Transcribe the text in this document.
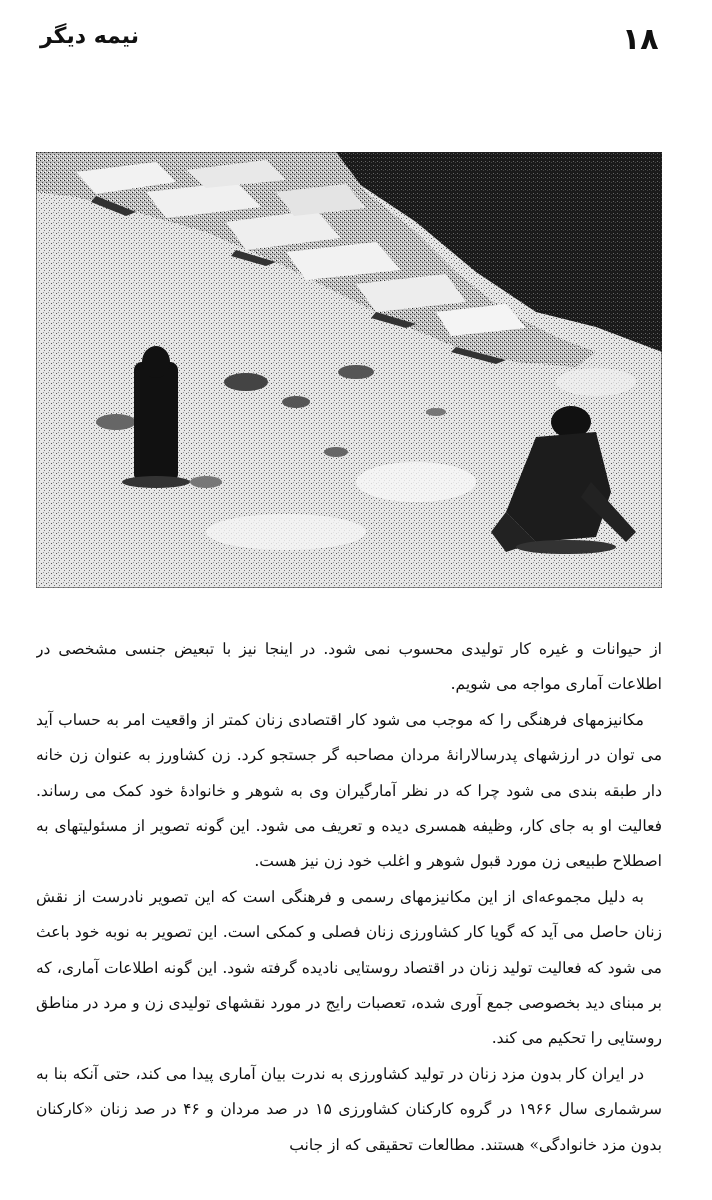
۱۸
نیمه دیگر

از حیوانات و غیره کار تولیدی محسوب نمی شود. در اینجا نیز با تبعیض جنسی مشخصی در اطلاعات آماری مواجه می شویم.

مکانیزمهای فرهنگی را که موجب می شود کار اقتصادی زنان کمتر از واقعیت امر به حساب آید می توان در ارزشهای پدرسالارانهٔ مردان مصاحبه گر جستجو کرد. زن کشاورز به عنوان زن خانه دار طبقه بندی می شود چرا که در نظر آمارگیران وی به شوهر و خانوادهٔ خود کمک می رساند. فعالیت او به جای کار، وظیفه همسری دیده و تعریف می شود. این گونه تصویر از مسئولیتهای به اصطلاح طبیعی زن مورد قبول شوهر و اغلب خود زن نیز هست.

به دلیل مجموعه‌ای از این مکانیزمهای رسمی و فرهنگی است که این تصویر نادرست از نقش زنان حاصل می آید که گویا کار کشاورزی زنان فصلی و کمکی است. این تصویر به نوبه خود باعث می شود که فعالیت تولید زنان در اقتصاد روستایی نادیده گرفته شود. این گونه اطلاعات آماری، که بر مبنای دید بخصوصی جمع آوری شده، تعصبات رایج در مورد نقشهای تولیدی زن و مرد در مناطق روستایی را تحکیم می کند.

در ایران کار بدون مزد زنان در تولید کشاورزی به ندرت بیان آماری پیدا می کند، حتی آنکه بنا به سرشماری سال ۱۹۶۶ در گروه کارکنان کشاورزی ۱۵ در صد مردان و ۴۶ در صد زنان «کارکنان بدون مزد خانوادگی» هستند. مطالعات تحقیقی که از جانب
